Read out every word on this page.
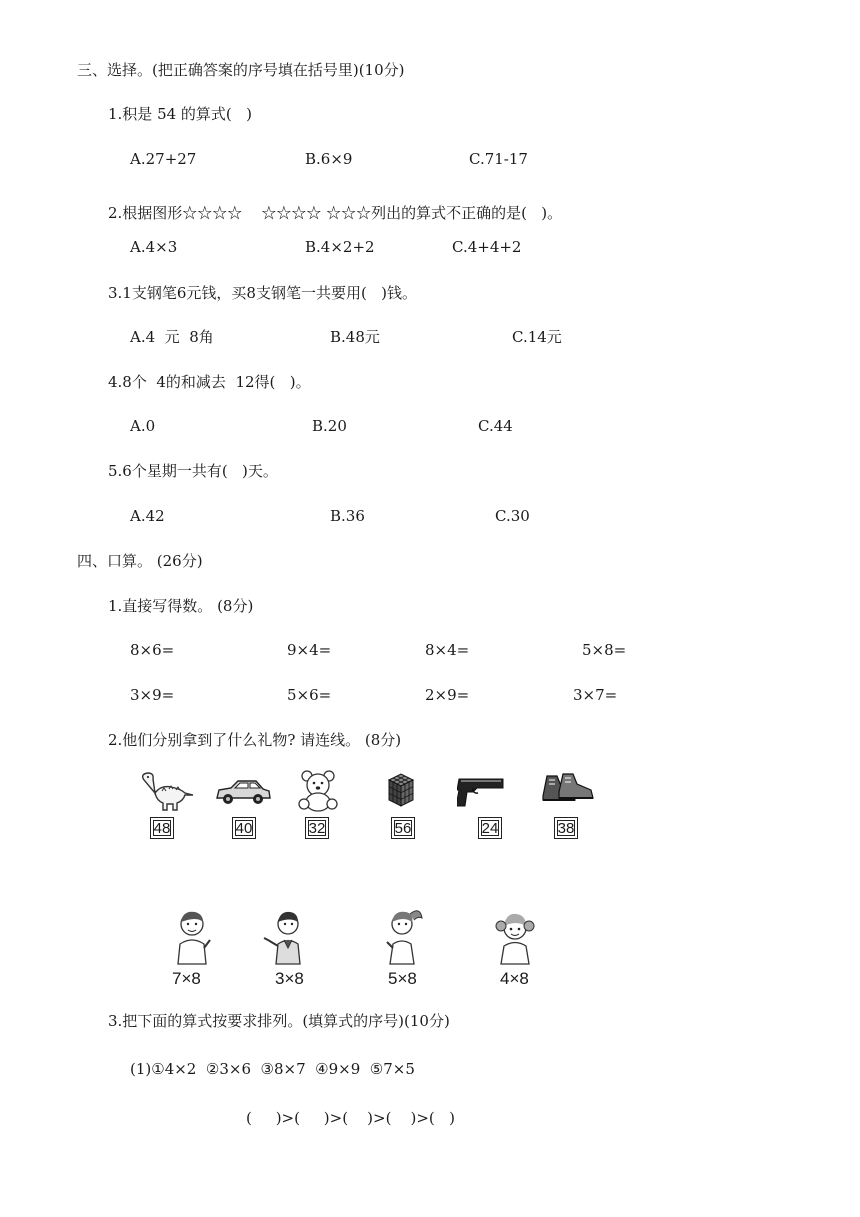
三、选择。(把正确答案的序号填在括号里)(10分)
1.积是 54 的算式(   )
A.27+27	B.6×9	C.71-17
2.根据图形☆☆☆☆    ☆☆☆☆ ☆☆☆列出的算式不正确的是(   )。
A.4×3	B.4×2+2	C.4+4+2
3.1支钢笔6元钱，买8支钢笔一共要用(   )钱。
A.4  元  8角	B.48元	C.14元
4.8个  4的和减去  12得(   )。
A.0	B.20	C.44
5.6个星期一共有(   )天。
A.42	B.36	C.30
四、口算。 (26分)
1.直接写得数。 (8分)
8×6=	9×4=	8×4=	5×8=
3×9=	5×6=	2×9=	3×7=
2.他们分别拿到了什么礼物? 请连线。 (8分)
48	40	32	56	24	38
7×8	3×8	5×8	4×8
3.把下面的算式按要求排列。(填算式的序号)(10分)
(1)①4×2  ②3×6  ③8×7  ④9×9  ⑤7×5
(     )>(     )>(    )>(    )>(   )
